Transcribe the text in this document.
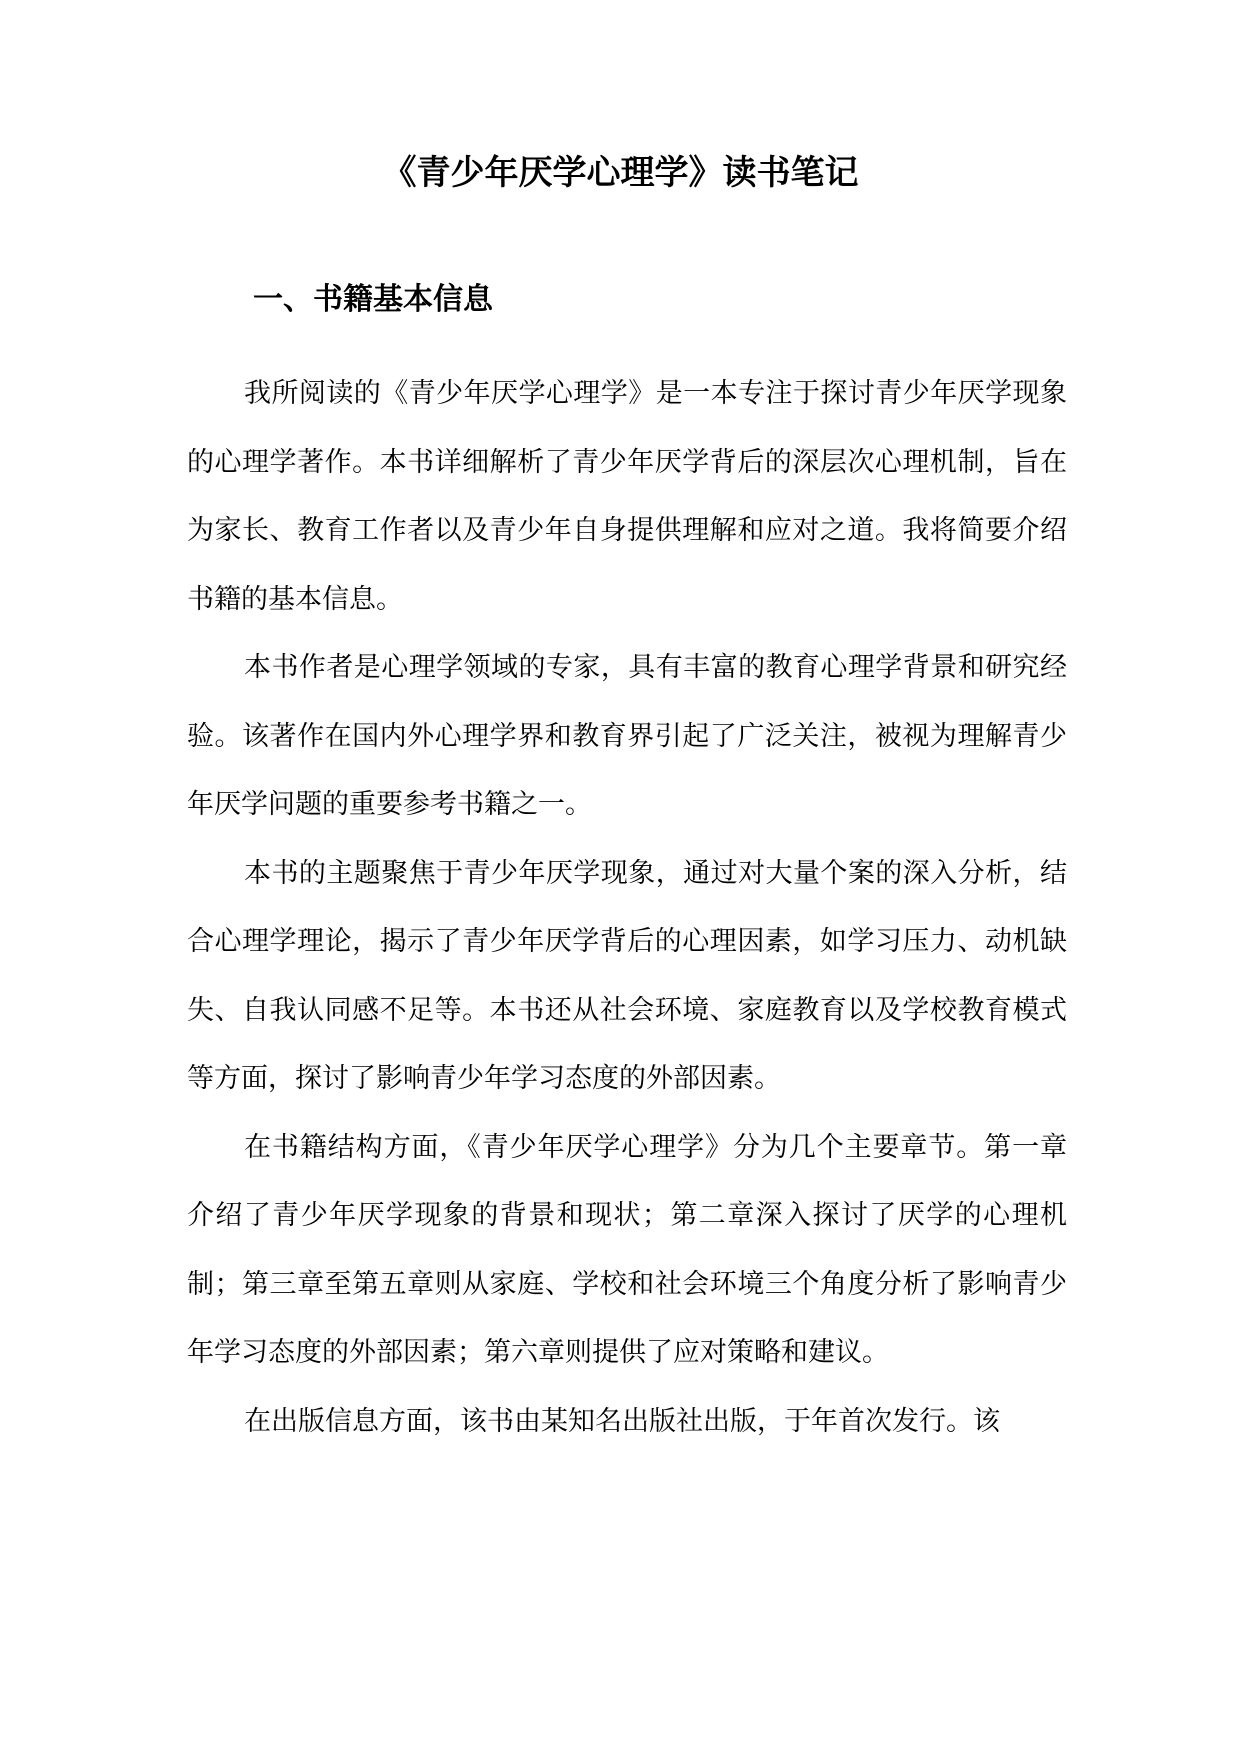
《青少年厌学心理学》读书笔记
一、书籍基本信息

我所阅读的《青少年厌学心理学》是一本专注于探讨青少年厌学现象的心理学著作。本书详细解析了青少年厌学背后的深层次心理机制，旨在为家长、教育工作者以及青少年自身提供理解和应对之道。我将简要介绍书籍的基本信息。

本书作者是心理学领域的专家，具有丰富的教育心理学背景和研究经验。该著作在国内外心理学界和教育界引起了广泛关注，被视为理解青少年厌学问题的重要参考书籍之一。

本书的主题聚焦于青少年厌学现象，通过对大量个案的深入分析，结合心理学理论，揭示了青少年厌学背后的心理因素，如学习压力、动机缺失、自我认同感不足等。本书还从社会环境、家庭教育以及学校教育模式等方面，探讨了影响青少年学习态度的外部因素。

在书籍结构方面，《青少年厌学心理学》分为几个主要章节。第一章介绍了青少年厌学现象的背景和现状；第二章深入探讨了厌学的心理机制；第三章至第五章则从家庭、学校和社会环境三个角度分析了影响青少年学习态度的外部因素；第六章则提供了应对策略和建议。

在出版信息方面，该书由某知名出版社出版，于年首次发行。该
